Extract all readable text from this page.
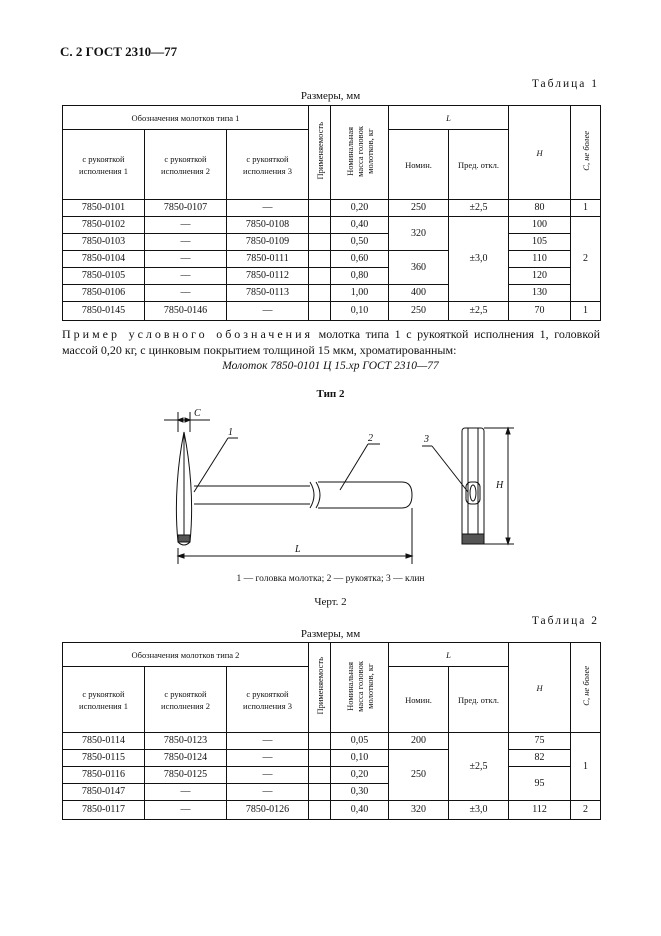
С. 2 ГОСТ 2310—77
Таблица 1
Размеры, мм
Обозначения молотков типа 1			Применяемость	Номинальная
масса головок
молотков, кг	L		H	C, не более
с рукояткой исполнения 1	с рукояткой исполнения 2	с рукояткой исполнения 3			Номин.	Пред. откл.		
7850-0101	7850-0107	—		0,20	250	±2,5	80	1
7850-0102	—	7850-0108		0,40	320	±3,0	100	2
7850-0103	—	7850-0109		0,50			105	
7850-0104	—	7850-0111		0,60	360		110	
7850-0105	—	7850-0112		0,80			120	
7850-0106	—	7850-0113		1,00	400		130	
7850-0145	7850-0146	—		0,10	250	±2,5	70	1
Пример условного обозначения молотка типа 1 с рукояткой исполнения 1, головкой массой 0,20 кг, с цинковым покрытием толщиной 15 мкм, хроматированным:
Молоток 7850-0101 Ц 15.хр ГОСТ 2310—77
Тип 2
C
1
2	3
L
H
1 — головка молотка; 2 — рукоятка; 3 — клин
Черт. 2
Таблица 2
Размеры, мм
Обозначения молотков типа 2			Применяемость	Номинальная
масса головок
молотков, кг	L		H	C, не более
с рукояткой исполнения 1	с рукояткой исполнения 2	с рукояткой исполнения 3			Номин.	Пред. откл.		
7850-0114	7850-0123	—		0,05	200	±2,5	75	1
7850-0115	7850-0124	—		0,10	250		82	
7850-0116	7850-0125	—		0,20			95	
7850-0147	—	—		0,30				
7850-0117	—	7850-0126		0,40	320	±3,0	112	2
